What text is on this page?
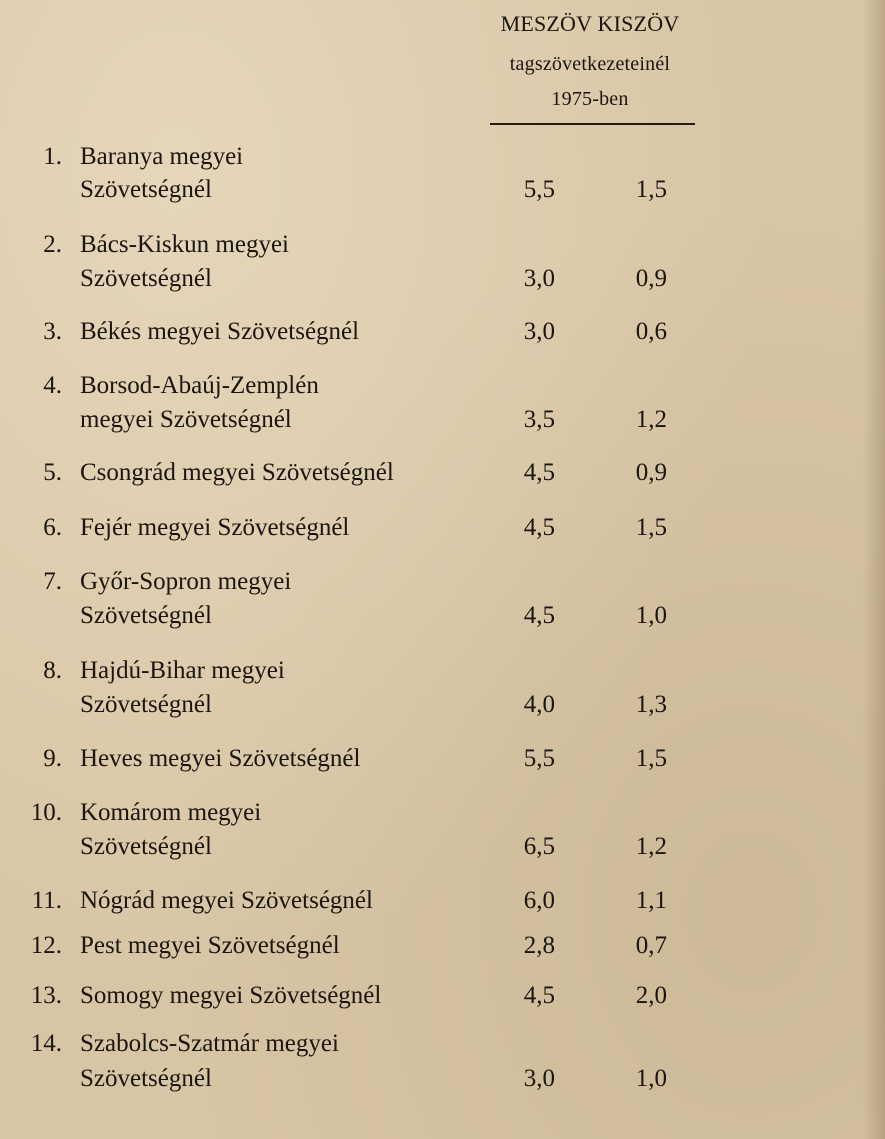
MESZÖV KISZÖV
tagszövetkezeteinél
1975-ben
1. Baranya megyei
Szövetségnél	5,5	1,5
2. Bács-Kiskun megyei
Szövetségnél	3,0	0,9
3. Békés megyei Szövetségnél	3,0	0,6
4. Borsod-Abaúj-Zemplén
megyei Szövetségnél	3,5	1,2
5. Csongrád megyei Szövetségnél	4,5	0,9
6. Fejér megyei Szövetségnél	4,5	1,5
7. Győr-Sopron megyei
Szövetségnél	4,5	1,0
8. Hajdú-Bihar megyei
Szövetségnél	4,0	1,3
9. Heves megyei Szövetségnél	5,5	1,5
10. Komárom megyei
Szövetségnél	6,5	1,2
11. Nógrád megyei Szövetségnél	6,0	1,1
12. Pest megyei Szövetségnél	2,8	0,7
13. Somogy megyei Szövetségnél	4,5	2,0
14. Szabolcs-Szatmár megyei
Szövetségnél	3,0	1,0
